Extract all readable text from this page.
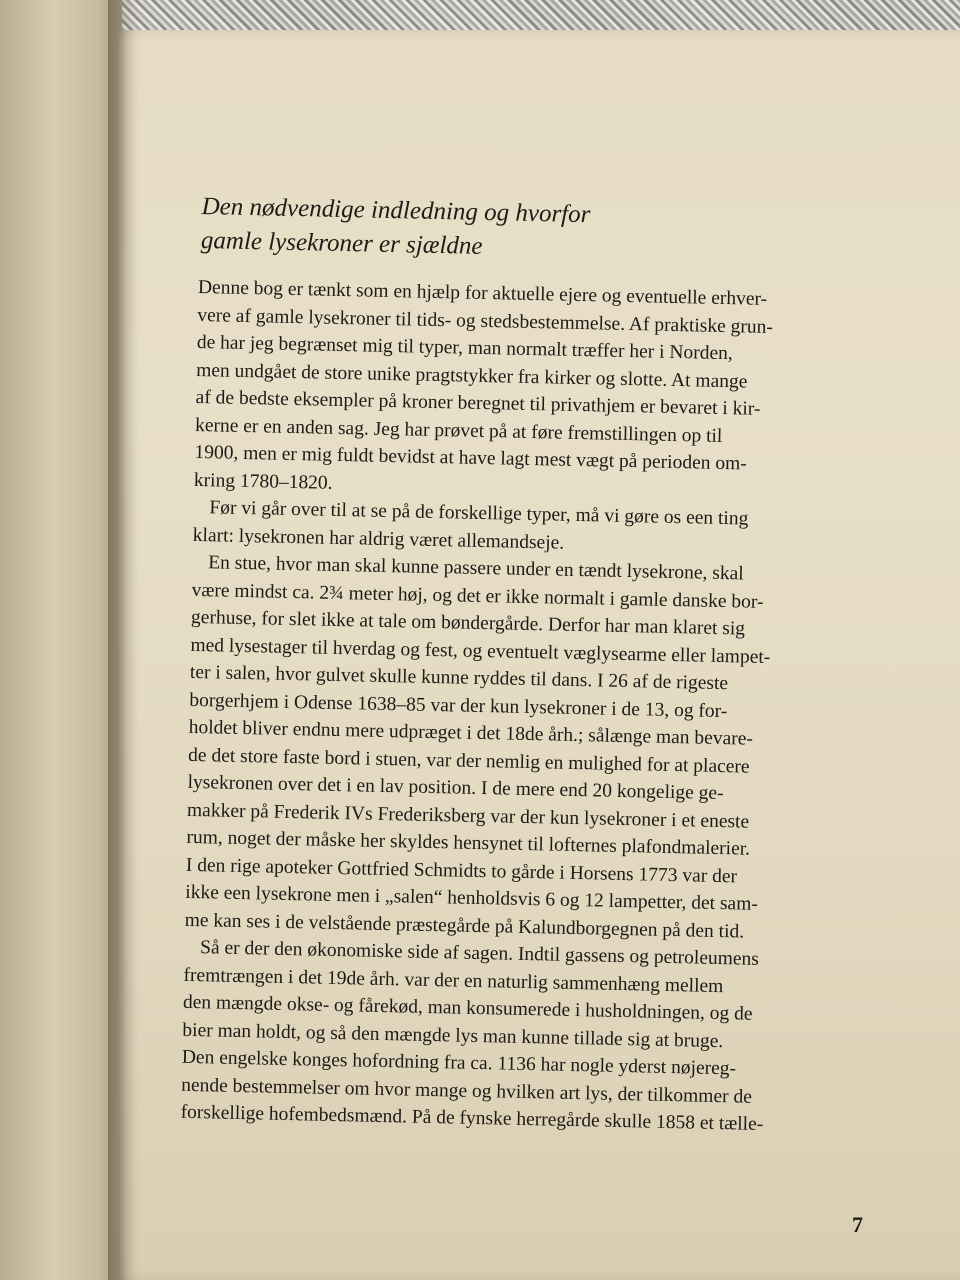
Den nødvendige indledning og hvorfor
gamle lysekroner er sjældne
Denne bog er tænkt som en hjælp for aktuelle ejere og eventuelle erhver-
vere af gamle lysekroner til tids- og stedsbestemmelse. Af praktiske grun-
de har jeg begrænset mig til typer, man normalt træffer her i Norden,
men undgået de store unike pragtstykker fra kirker og slotte. At mange
af de bedste eksempler på kroner beregnet til privathjem er bevaret i kir-
kerne er en anden sag. Jeg har prøvet på at føre fremstillingen op til
1900, men er mig fuldt bevidst at have lagt mest vægt på perioden om-
kring 1780–1820.
Før vi går over til at se på de forskellige typer, må vi gøre os een ting
klart: lysekronen har aldrig været allemandseje.
En stue, hvor man skal kunne passere under en tændt lysekrone, skal
være mindst ca. 2¾ meter høj, og det er ikke normalt i gamle danske bor-
gerhuse, for slet ikke at tale om bøndergårde. Derfor har man klaret sig
med lysestager til hverdag og fest, og eventuelt væglysearme eller lampet-
ter i salen, hvor gulvet skulle kunne ryddes til dans. I 26 af de rigeste
borgerhjem i Odense 1638–85 var der kun lysekroner i de 13, og for-
holdet bliver endnu mere udpræget i det 18de årh.; sålænge man bevare-
de det store faste bord i stuen, var der nemlig en mulighed for at placere
lysekronen over det i en lav position. I de mere end 20 kongelige ge-
makker på Frederik IVs Frederiksberg var der kun lysekroner i et eneste
rum, noget der måske her skyldes hensynet til lofternes plafondmalerier.
I den rige apoteker Gottfried Schmidts to gårde i Horsens 1773 var der
ikke een lysekrone men i „salen“ henholdsvis 6 og 12 lampetter, det sam-
me kan ses i de velstående præstegårde på Kalundborgegnen på den tid.
Så er der den økonomiske side af sagen. Indtil gassens og petroleumens
fremtrængen i det 19de årh. var der en naturlig sammenhæng mellem
den mængde okse- og fårekød, man konsumerede i husholdningen, og de
bier man holdt, og så den mængde lys man kunne tillade sig at bruge.
Den engelske konges hofordning fra ca. 1136 har nogle yderst nøjereg-
nende bestemmelser om hvor mange og hvilken art lys, der tilkommer de
forskellige hofembedsmænd. På de fynske herregårde skulle 1858 et tælle-
7
